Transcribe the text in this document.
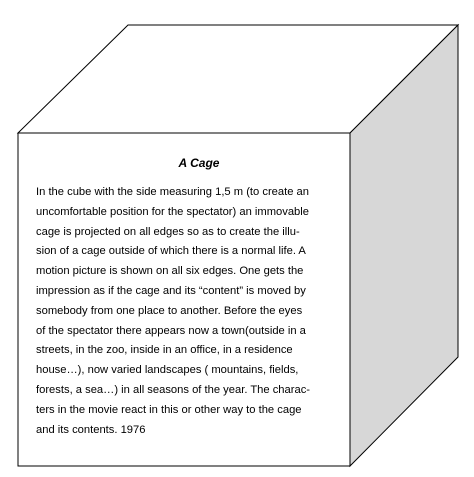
A Cage
In the cube with the side measuring 1,5 m (to create an
uncomfortable position for the spectator) an immovable
cage is projected on all edges so as to create the illu-
sion of a cage outside of which there is a normal life. A
motion picture is shown on all six edges. One gets the
impression as if the cage and its “content” is moved by
somebody from one place to another. Before the eyes
of the spectator there appears now a town(outside in a
streets, in the zoo, inside in an office, in a residence
house…), now varied landscapes ( mountains, fields,
forests, a sea…) in all seasons of the year. The charac-
ters in the movie react in this or other way to the cage
and its contents. 1976
